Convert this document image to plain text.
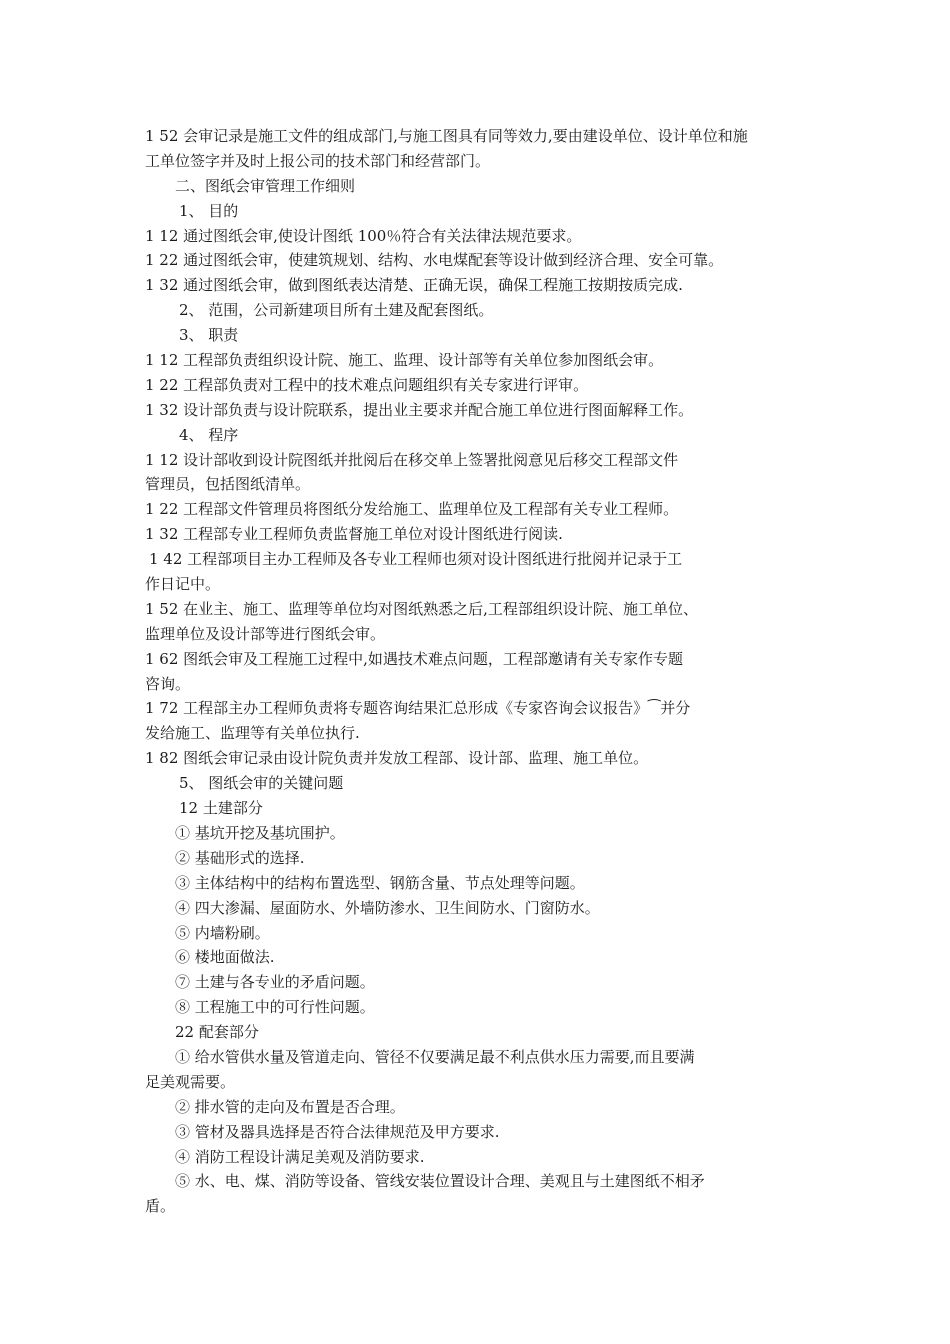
1 52 会审记录是施工文件的组成部门,与施工图具有同等效力,要由建设单位、设计单位和施
工单位签字并及时上报公司的技术部门和经营部门。
二、图纸会审管理工作细则
1、 目的
1 12 通过图纸会审,使设计图纸 100％符合有关法律法规范要求。
1 22 通过图纸会审，使建筑规划、结构、水电煤配套等设计做到经济合理、安全可靠。
1 32 通过图纸会审，做到图纸表达清楚、正确无误，确保工程施工按期按质完成.
2、 范围，公司新建项目所有土建及配套图纸。
3、 职责
1 12 工程部负责组织设计院、施工、监理、设计部等有关单位参加图纸会审。
1 22 工程部负责对工程中的技术难点问题组织有关专家进行评审。
1 32 设计部负责与设计院联系，提出业主要求并配合施工单位进行图面解释工作。
4、 程序
1 12 设计部收到设计院图纸并批阅后在移交单上签署批阅意见后移交工程部文件
管理员，包括图纸清单。
1 22 工程部文件管理员将图纸分发给施工、监理单位及工程部有关专业工程师。
1 32 工程部专业工程师负责监督施工单位对设计图纸进行阅读.
1 42 工程部项目主办工程师及各专业工程师也须对设计图纸进行批阅并记录于工
作日记中。
1 52 在业主、施工、监理等单位均对图纸熟悉之后,工程部组织设计院、施工单位、
监理单位及设计部等进行图纸会审。
1 62 图纸会审及工程施工过程中,如遇技术难点问题，工程部邀请有关专家作专题
咨询。
1 72 工程部主办工程师负责将专题咨询结果汇总形成《专家咨询会议报告》⁀并分
发给施工、监理等有关单位执行.
1 82 图纸会审记录由设计院负责并发放工程部、设计部、监理、施工单位。
5、 图纸会审的关键问题
12 土建部分
① 基坑开挖及基坑围护。
② 基础形式的选择.
③ 主体结构中的结构布置选型、钢筋含量、节点处理等问题。
④ 四大渗漏、屋面防水、外墙防渗水、卫生间防水、门窗防水。
⑤ 内墙粉刷。
⑥ 楼地面做法.
⑦ 土建与各专业的矛盾问题。
⑧ 工程施工中的可行性问题。
22 配套部分
① 给水管供水量及管道走向、管径不仅要满足最不利点供水压力需要,而且要满
足美观需要。
② 排水管的走向及布置是否合理。
③ 管材及器具选择是否符合法律规范及甲方要求.
④ 消防工程设计满足美观及消防要求.
⑤ 水、电、煤、消防等设备、管线安装位置设计合理、美观且与土建图纸不相矛
盾。
